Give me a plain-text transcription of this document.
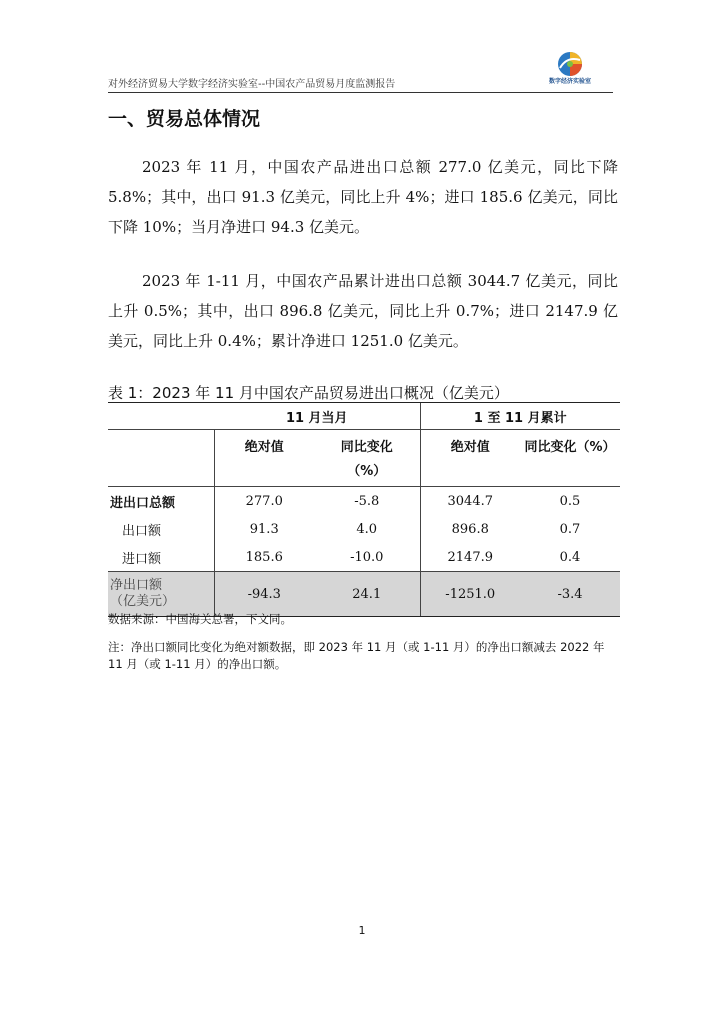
对外经济贸易大学数字经济实验室--中国农产品贸易月度监测报告	数字经济实验室
一、贸易总体情况

2023 年 11 月，中国农产品进出口总额 277.0 亿美元，同比下降 5.8%；其中，出口 91.3 亿美元，同比上升 4%；进口 185.6 亿美元，同比下降 10%；当月净进口 94.3 亿美元。

2023 年 1-11 月，中国农产品累计进出口总额 3044.7 亿美元，同比上升 0.5%；其中，出口 896.8 亿美元，同比上升 0.7%；进口 2147.9 亿美元，同比上升 0.4%；累计净进口 1251.0 亿美元。

表 1：2023 年 11 月中国农产品贸易进出口概况（亿美元）
	11 月当月		1 至 11 月累计	
	绝对值	同比变化（%）	绝对值	同比变化（%）
进出口总额	277.0	-5.8	3044.7	0.5
出口额	91.3	4.0	896.8	0.7
进口额	185.6	-10.0	2147.9	0.4

净出口额
（亿美元）	-94.3	24.1	-1251.0	-3.4

数据来源：中国海关总署，下文同。

注：净出口额同比变化为绝对额数据，即 2023 年 11 月（或 1-11 月）的净出口额减去 2022 年 11 月（或 1-11 月）的净出口额。

1
